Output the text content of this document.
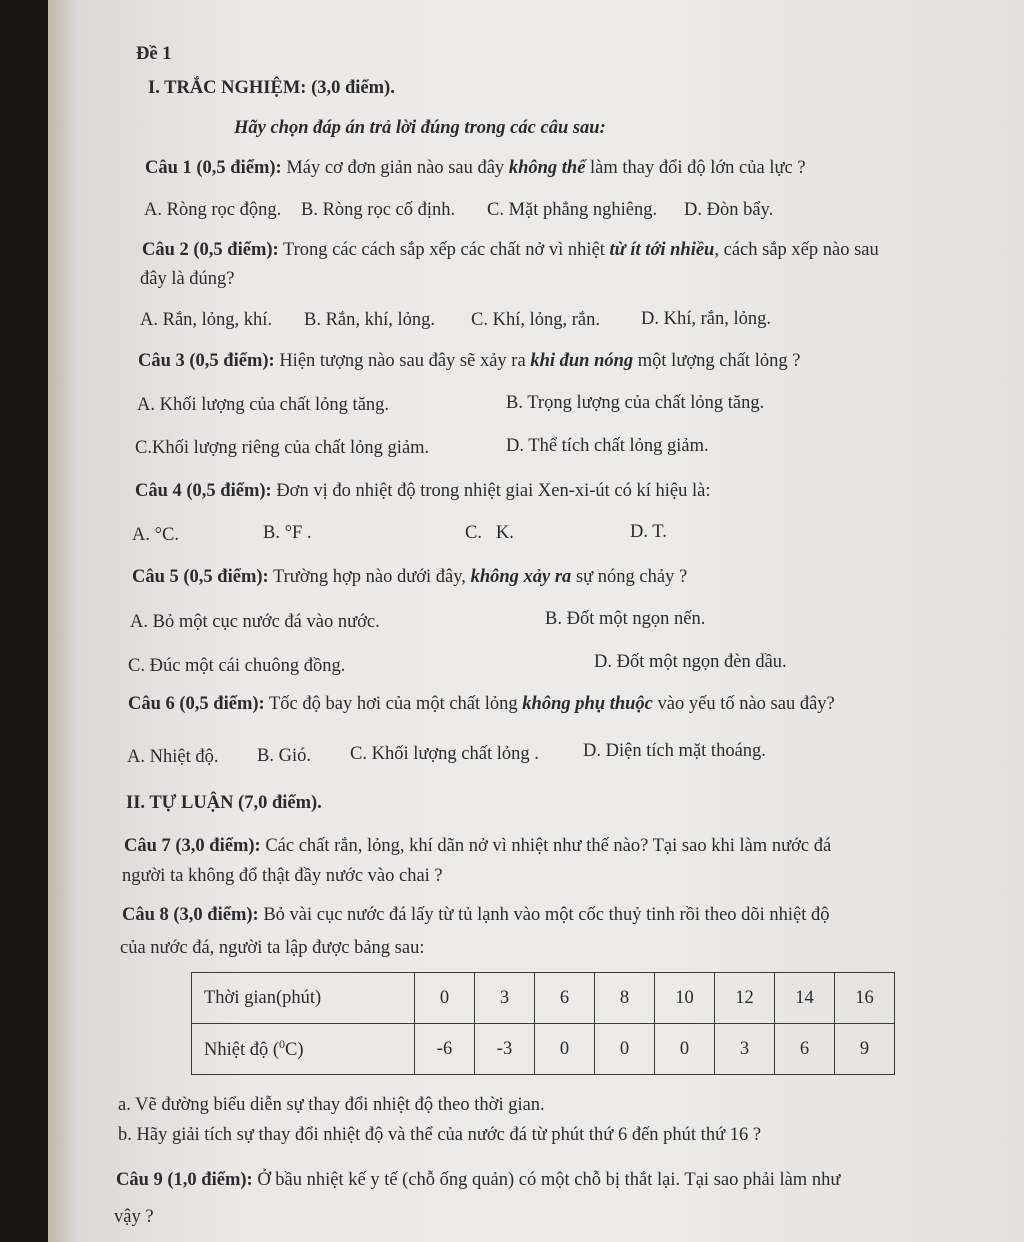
Đề 1
I. TRẮC NGHIỆM: (3,0 điểm).
Hãy chọn đáp án trả lời đúng trong các câu sau:
Câu 1 (0,5 điểm): Máy cơ đơn giản nào sau đây không thể làm thay đổi độ lớn của lực ?
A. Ròng rọc động. B. Ròng rọc cố định. C. Mặt phẳng nghiêng. D. Đòn bẩy.
Câu 2 (0,5 điểm): Trong các cách sắp xếp các chất nở vì nhiệt từ ít tới nhiều, cách sắp xếp nào sau
đây là đúng?
A. Rắn, lỏng, khí. B. Rắn, khí, lỏng. C. Khí, lỏng, rắn. D. Khí, rắn, lỏng.
Câu 3 (0,5 điểm): Hiện tượng nào sau đây sẽ xảy ra khi đun nóng một lượng chất lỏng ?
A. Khối lượng của chất lỏng tăng.	B. Trọng lượng của chất lỏng tăng.
C.Khối lượng riêng của chất lỏng giảm.	D. Thể tích chất lỏng giảm.
Câu 4 (0,5 điểm): Đơn vị đo nhiệt độ trong nhiệt giai Xen-xi-út có kí hiệu là:
A. °C.	B. °F .	C.   K.	D. T.
Câu 5 (0,5 điểm): Trường hợp nào dưới đây, không xảy ra sự nóng chảy ?
A. Bỏ một cục nước đá vào nước.	B. Đốt một ngọn nến.
C. Đúc một cái chuông đồng.	D. Đốt một ngọn đèn dầu.
Câu 6 (0,5 điểm): Tốc độ bay hơi của một chất lỏng không phụ thuộc vào yếu tố nào sau đây?
A. Nhiệt độ. B. Gió. C. Khối lượng chất lỏng . D. Diện tích mặt thoáng.
II. TỰ LUẬN (7,0 điểm).
Câu 7 (3,0 điểm): Các chất rắn, lỏng, khí dãn nở vì nhiệt như thế nào? Tại sao khi làm nước đá
người ta không đổ thật đầy nước vào chai ?
Câu 8 (3,0 điểm): Bỏ vài cục nước đá lấy từ tủ lạnh vào một cốc thuỷ tinh rồi theo dõi nhiệt độ
của nước đá, người ta lập được bảng sau:
Thời gian(phút)	0	3	6	8	10	12	14	16
Nhiệt độ ($^0$C)	-6	-3	0	0	0	3	6	9
a. Vẽ đường biểu diễn sự thay đổi nhiệt độ theo thời gian.
b. Hãy giải tích sự thay đổi nhiệt độ và thể của nước đá từ phút thứ 6 đến phút thứ 16 ?
Câu 9 (1,0 điểm): Ở bầu nhiệt kế y tế (chỗ ống quản) có một chỗ bị thắt lại. Tại sao phải làm như
vậy ?
